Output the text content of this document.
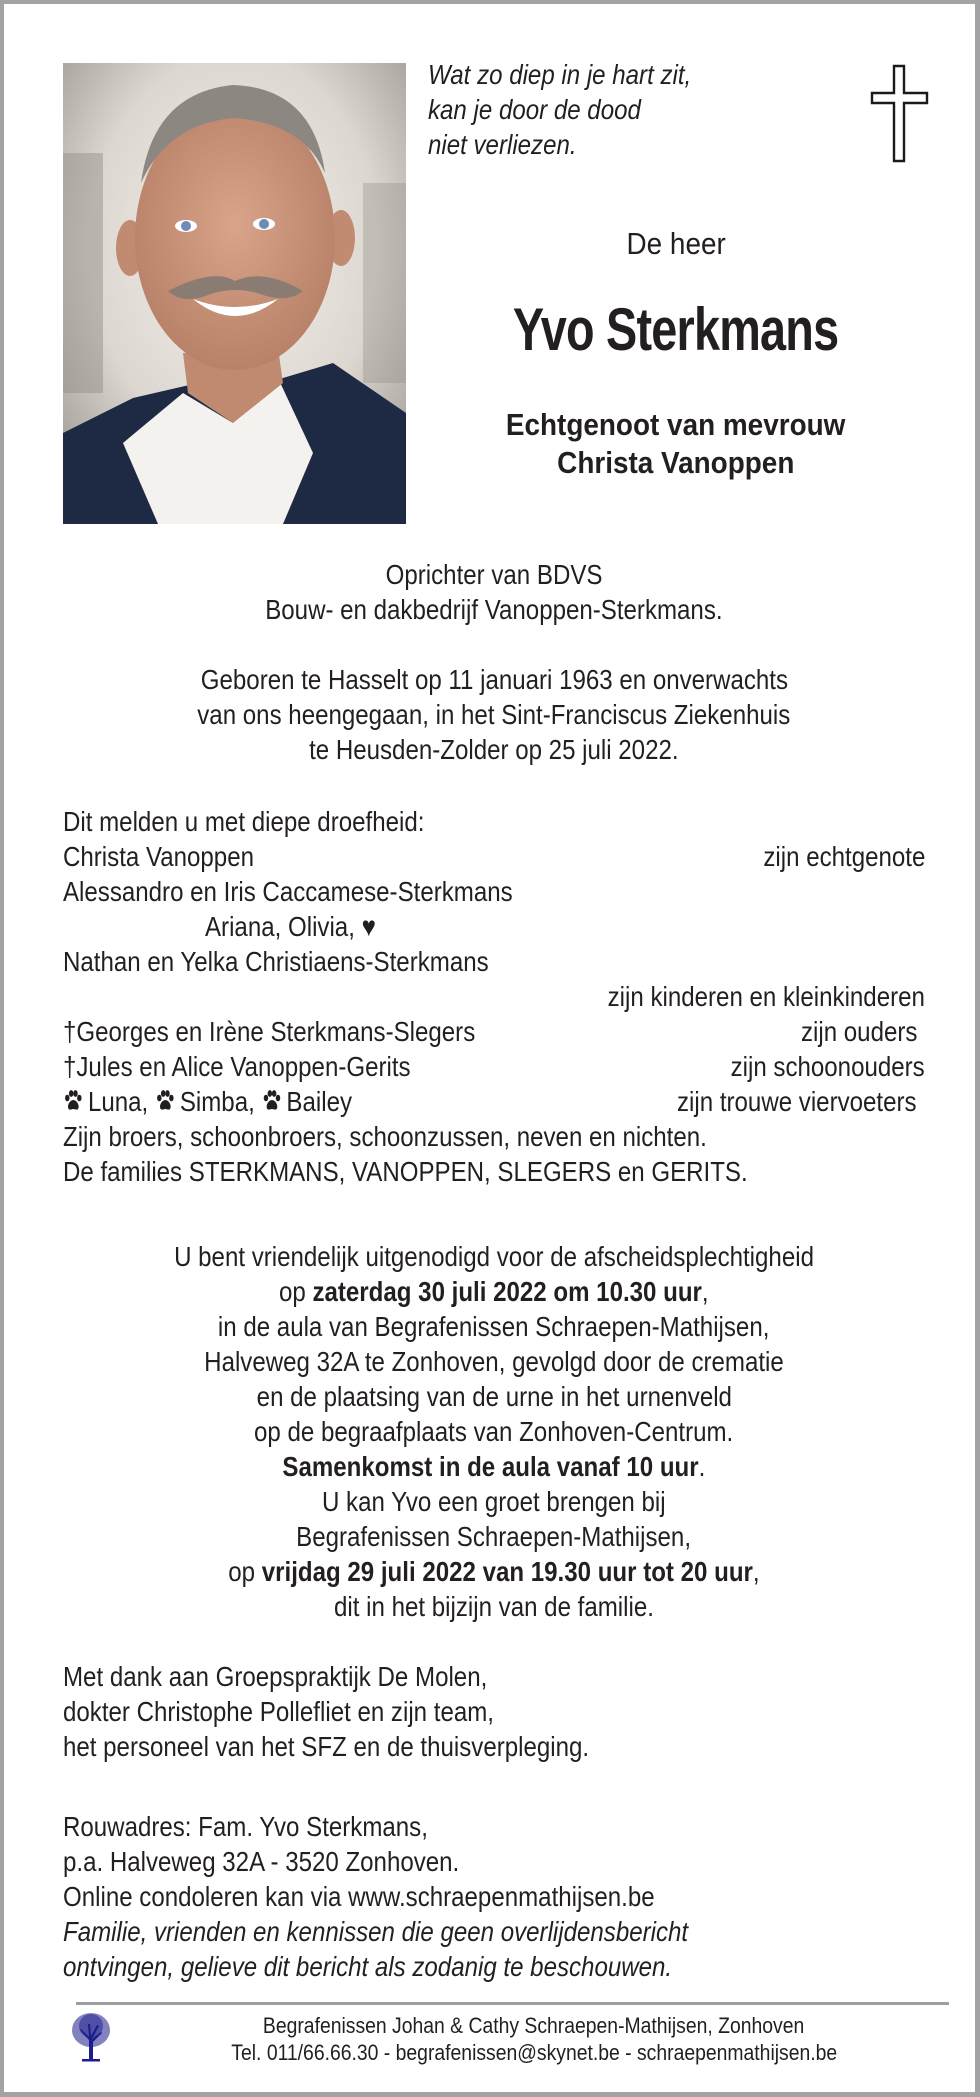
Wat zo diep in je hart zit,
kan je door de dood
niet verliezen.
De heer
Yvo Sterkmans
Echtgenoot van mevrouw
Christa Vanoppen
Oprichter van BDVS
Bouw- en dakbedrijf Vanoppen-Sterkmans.
Geboren te Hasselt op 11 januari 1963 en onverwachts
van ons heengegaan, in het Sint-Franciscus Ziekenhuis
te Heusden-Zolder op 25 juli 2022.
Dit melden u met diepe droefheid:
Christa Vanoppen	zijn echtgenote
Alessandro en Iris Caccamese-Sterkmans
Ariana, Olivia, ♥
Nathan en Yelka Christiaens-Sterkmans
zijn kinderen en kleinkinderen
†Georges en Irène Sterkmans-Slegers	zijn ouders
†Jules en Alice Vanoppen-Gerits	zijn schoonouders
Luna, Simba, Bailey	zijn trouwe viervoeters
Zijn broers, schoonbroers, schoonzussen, neven en nichten.
De families STERKMANS, VANOPPEN, SLEGERS en GERITS.
U bent vriendelijk uitgenodigd voor de afscheidsplechtigheid
op zaterdag 30 juli 2022 om 10.30 uur,
in de aula van Begrafenissen Schraepen-Mathijsen,
Halveweg 32A te Zonhoven, gevolgd door de crematie
en de plaatsing van de urne in het urnenveld
op de begraafplaats van Zonhoven-Centrum.
Samenkomst in de aula vanaf 10 uur.
U kan Yvo een groet brengen bij
Begrafenissen Schraepen-Mathijsen,
op vrijdag 29 juli 2022 van 19.30 uur tot 20 uur,
dit in het bijzijn van de familie.
Met dank aan Groepspraktijk De Molen,
dokter Christophe Pollefliet en zijn team,
het personeel van het SFZ en de thuisverpleging.
Rouwadres: Fam. Yvo Sterkmans,
p.a. Halveweg 32A - 3520 Zonhoven.
Online condoleren kan via www.schraepenmathijsen.be
Familie, vrienden en kennissen die geen overlijdensbericht
ontvingen, gelieve dit bericht als zodanig te beschouwen.
Begrafenissen Johan & Cathy Schraepen-Mathijsen, Zonhoven
Tel. 011/66.66.30 - begrafenissen@skynet.be - schraepenmathijsen.be
